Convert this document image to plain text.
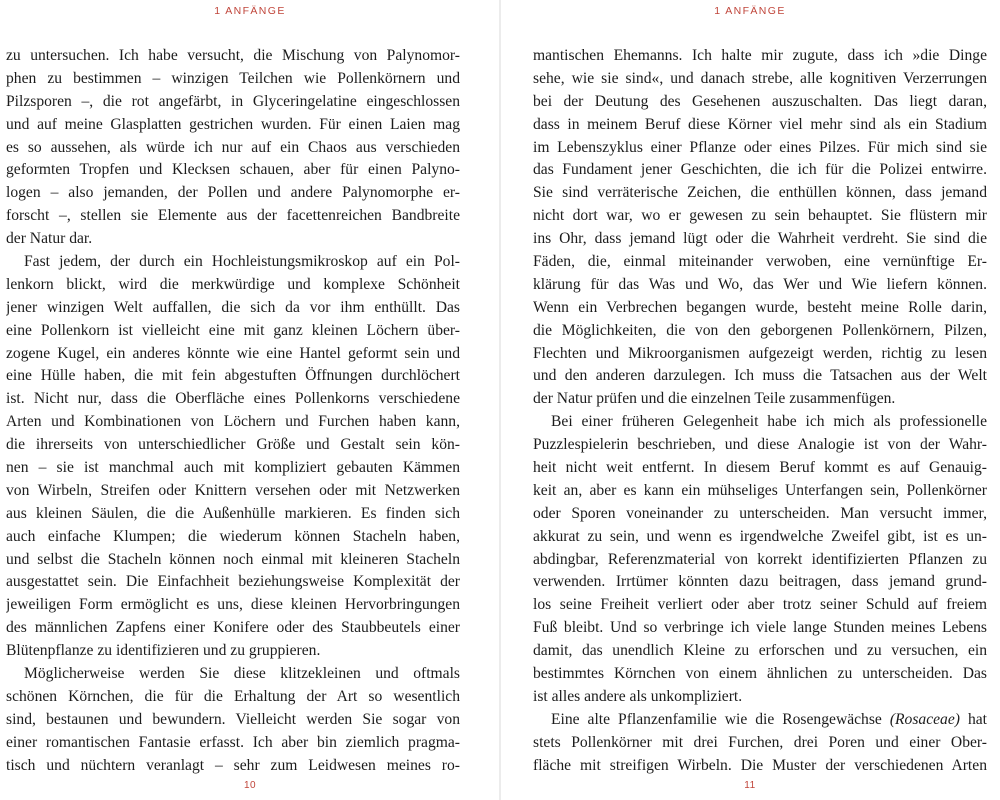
1 ANFÄNGE
zu untersuchen. Ich habe versucht, die Mischung von Palynomor-
phen zu bestimmen – winzigen Teilchen wie Pollenkörnern und
Pilzsporen –, die rot angefärbt, in Glyceringelatine eingeschlossen
und auf meine Glasplatten gestrichen wurden. Für einen Laien mag
es so aussehen, als würde ich nur auf ein Chaos aus verschieden
geformten Tropfen und Klecksen schauen, aber für einen Palyno-
logen – also jemanden, der Pollen und andere Palynomorphe er-
forscht –, stellen sie Elemente aus der facettenreichen Bandbreite
der Natur dar.
Fast jedem, der durch ein Hochleistungsmikroskop auf ein Pol-
lenkorn blickt, wird die merkwürdige und komplexe Schönheit
jener winzigen Welt auffallen, die sich da vor ihm enthüllt. Das
eine Pollenkorn ist vielleicht eine mit ganz kleinen Löchern über-
zogene Kugel, ein anderes könnte wie eine Hantel geformt sein und
eine Hülle haben, die mit fein abgestuften Öffnungen durchlöchert
ist. Nicht nur, dass die Oberfläche eines Pollenkorns verschiedene
Arten und Kombinationen von Löchern und Furchen haben kann,
die ihrerseits von unterschiedlicher Größe und Gestalt sein kön-
nen – sie ist manchmal auch mit kompliziert gebauten Kämmen
von Wirbeln, Streifen oder Knittern versehen oder mit Netzwerken
aus kleinen Säulen, die die Außenhülle markieren. Es finden sich
auch einfache Klumpen; die wiederum können Stacheln haben,
und selbst die Stacheln können noch einmal mit kleineren Stacheln
ausgestattet sein. Die Einfachheit beziehungsweise Komplexität der
jeweiligen Form ermöglicht es uns, diese kleinen Hervorbringungen
des männlichen Zapfens einer Konifere oder des Staubbeutels einer
Blütenpflanze zu identifizieren und zu gruppieren.
Möglicherweise werden Sie diese klitzekleinen und oftmals
schönen Körnchen, die für die Erhaltung der Art so wesentlich
sind, bestaunen und bewundern. Vielleicht werden Sie sogar von
einer romantischen Fantasie erfasst. Ich aber bin ziemlich pragma-
tisch und nüchtern veranlagt – sehr zum Leidwesen meines ro-
10
1 ANFÄNGE
mantischen Ehemanns. Ich halte mir zugute, dass ich »die Dinge
sehe, wie sie sind«, und danach strebe, alle kognitiven Verzerrungen
bei der Deutung des Gesehenen auszuschalten. Das liegt daran,
dass in meinem Beruf diese Körner viel mehr sind als ein Stadium
im Lebenszyklus einer Pflanze oder eines Pilzes. Für mich sind sie
das Fundament jener Geschichten, die ich für die Polizei entwirre.
Sie sind verräterische Zeichen, die enthüllen können, dass jemand
nicht dort war, wo er gewesen zu sein behauptet. Sie flüstern mir
ins Ohr, dass jemand lügt oder die Wahrheit verdreht. Sie sind die
Fäden, die, einmal miteinander verwoben, eine vernünftige Er-
klärung für das Was und Wo, das Wer und Wie liefern können.
Wenn ein Verbrechen begangen wurde, besteht meine Rolle darin,
die Möglichkeiten, die von den geborgenen Pollenkörnern, Pilzen,
Flechten und Mikroorganismen aufgezeigt werden, richtig zu lesen
und den anderen darzulegen. Ich muss die Tatsachen aus der Welt
der Natur prüfen und die einzelnen Teile zusammenfügen.
Bei einer früheren Gelegenheit habe ich mich als professionelle
Puzzlespielerin beschrieben, und diese Analogie ist von der Wahr-
heit nicht weit entfernt. In diesem Beruf kommt es auf Genauig-
keit an, aber es kann ein mühseliges Unterfangen sein, Pollenkörner
oder Sporen voneinander zu unterscheiden. Man versucht immer,
akkurat zu sein, und wenn es irgendwelche Zweifel gibt, ist es un-
abdingbar, Referenzmaterial von korrekt identifizierten Pflanzen zu
verwenden. Irrtümer könnten dazu beitragen, dass jemand grund-
los seine Freiheit verliert oder aber trotz seiner Schuld auf freiem
Fuß bleibt. Und so verbringe ich viele lange Stunden meines Lebens
damit, das unendlich Kleine zu erforschen und zu versuchen, ein
bestimmtes Körnchen von einem ähnlichen zu unterscheiden. Das
ist alles andere als unkompliziert.
Eine alte Pflanzenfamilie wie die Rosengewächse (Rosaceae) hat
stets Pollenkörner mit drei Furchen, drei Poren und einer Ober-
fläche mit streifigen Wirbeln. Die Muster der verschiedenen Arten
11
